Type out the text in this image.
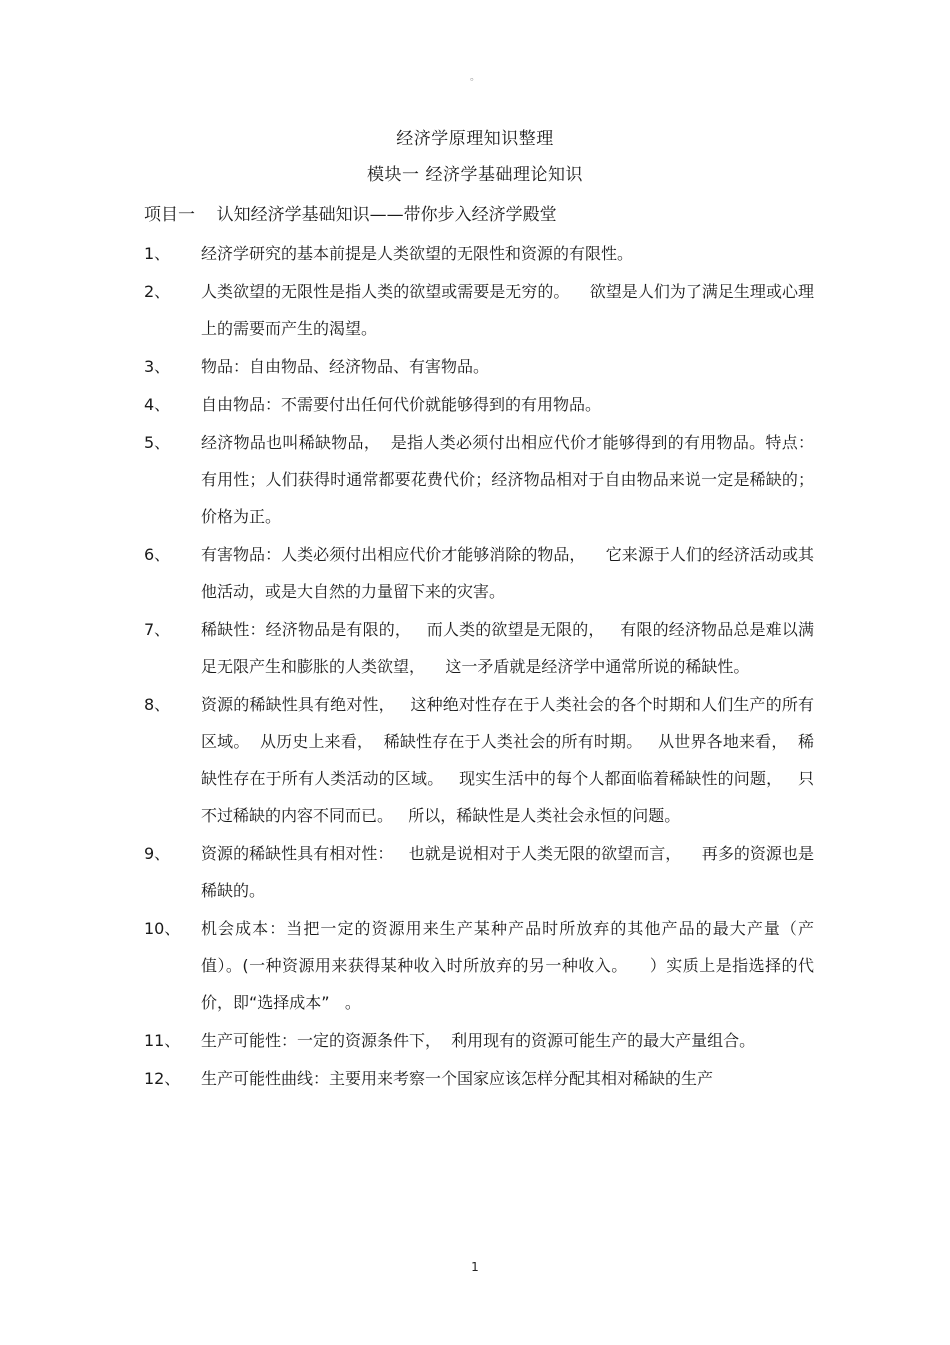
。
经济学原理知识整理
模块一 经济学基础理论知识
项目一    认知经济学基础知识——带你步入经济学殿堂
1、	经济学研究的基本前提是人类欲望的无限性和资源的有限性。
2、	人类欲望的无限性是指人类的欲望或需要是无穷的。    欲望是人们为了满足生理或心理上的需要而产生的渴望。
3、	物品：自由物品、经济物品、有害物品。
4、	自由物品：不需要付出任何代价就能够得到的有用物品。
5、	经济物品也叫稀缺物品，  是指人类必须付出相应代价才能够得到的有用物品。特点：有用性；人们获得时通常都要花费代价；经济物品相对于自由物品来说一定是稀缺的；价格为正。
6、	有害物品：人类必须付出相应代价才能够消除的物品，    它来源于人们的经济活动或其他活动，或是大自然的力量留下来的灾害。
7、	稀缺性：经济物品是有限的，   而人类的欲望是无限的，   有限的经济物品总是难以满足无限产生和膨胀的人类欲望，    这一矛盾就是经济学中通常所说的稀缺性。
8、	资源的稀缺性具有绝对性，   这种绝对性存在于人类社会的各个时期和人们生产的所有区域。  从历史上来看，  稀缺性存在于人类社会的所有时期。   从世界各地来看，  稀缺性存在于所有人类活动的区域。   现实生活中的每个人都面临着稀缺性的问题，   只不过稀缺的内容不同而已。   所以，稀缺性是人类社会永恒的问题。
9、	资源的稀缺性具有相对性：   也就是说相对于人类无限的欲望而言，    再多的资源也是稀缺的。
10、	机会成本：当把一定的资源用来生产某种产品时所放弃的其他产品的最大产量（产值）。(一种资源用来获得某种收入时所放弃的另一种收入。    ）实质上是指选择的代价，即“选择成本”   。
11、	生产可能性：一定的资源条件下，  利用现有的资源可能生产的最大产量组合。
12、	生产可能性曲线：主要用来考察一个国家应该怎样分配其相对稀缺的生产
1
